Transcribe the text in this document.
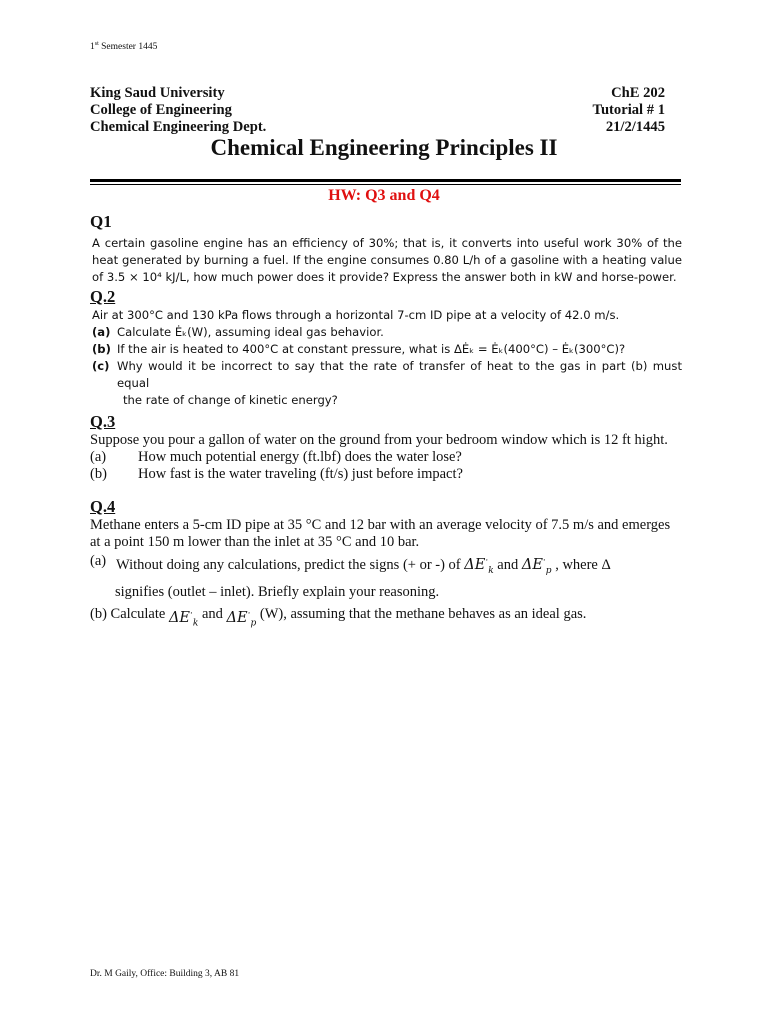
1st Semester 1445
King Saud University	ChE 202
College of Engineering	Tutorial # 1
Chemical Engineering Dept.	21/2/1445
Chemical Engineering Principles II
HW: Q3 and Q4
Q1
A certain gasoline engine has an efficiency of 30%; that is, it converts into useful work 30% of the heat generated by burning a fuel. If the engine consumes 0.80 L/h of a gasoline with a heating value of 3.5 × 10⁴ kJ/L, how much power does it provide? Express the answer both in kW and horse-power.
Q.2
Air at 300°C and 130 kPa flows through a horizontal 7-cm ID pipe at a velocity of 42.0 m/s.
(a) Calculate Ėₖ(W), assuming ideal gas behavior.
(b) If the air is heated to 400°C at constant pressure, what is ΔĖₖ = Ėₖ(400°C) – Ėₖ(300°C)?
(c) Why would it be incorrect to say that the rate of transfer of heat to the gas in part (b) must equal
the rate of change of kinetic energy?
Q.3
Suppose you pour a gallon of water on the ground from your bedroom window which is 12 ft hight.
(a)	How much potential energy (ft.lbf) does the water lose?
(b)	How fast is the water traveling (ft/s) just before impact?
Q.4
Methane enters a 5-cm ID pipe at 35 °C and 12 bar with an average velocity of 7.5 m/s and emerges at a point 150 m lower than the inlet at 35 °C and 10 bar.
(a) Without doing any calculations, predict the signs (+ or -) of $\Delta E^\cdot_k$ and $\Delta E^\cdot_p$ , where Δ
signifies (outlet – inlet). Briefly explain your reasoning.
(b)
Calculate
$\Delta E^\cdot_k$

and
$\Delta E^\cdot_p$

(W), assuming that the methane behaves as an ideal gas.
Dr. M Gaily, Office: Building 3, AB 81
